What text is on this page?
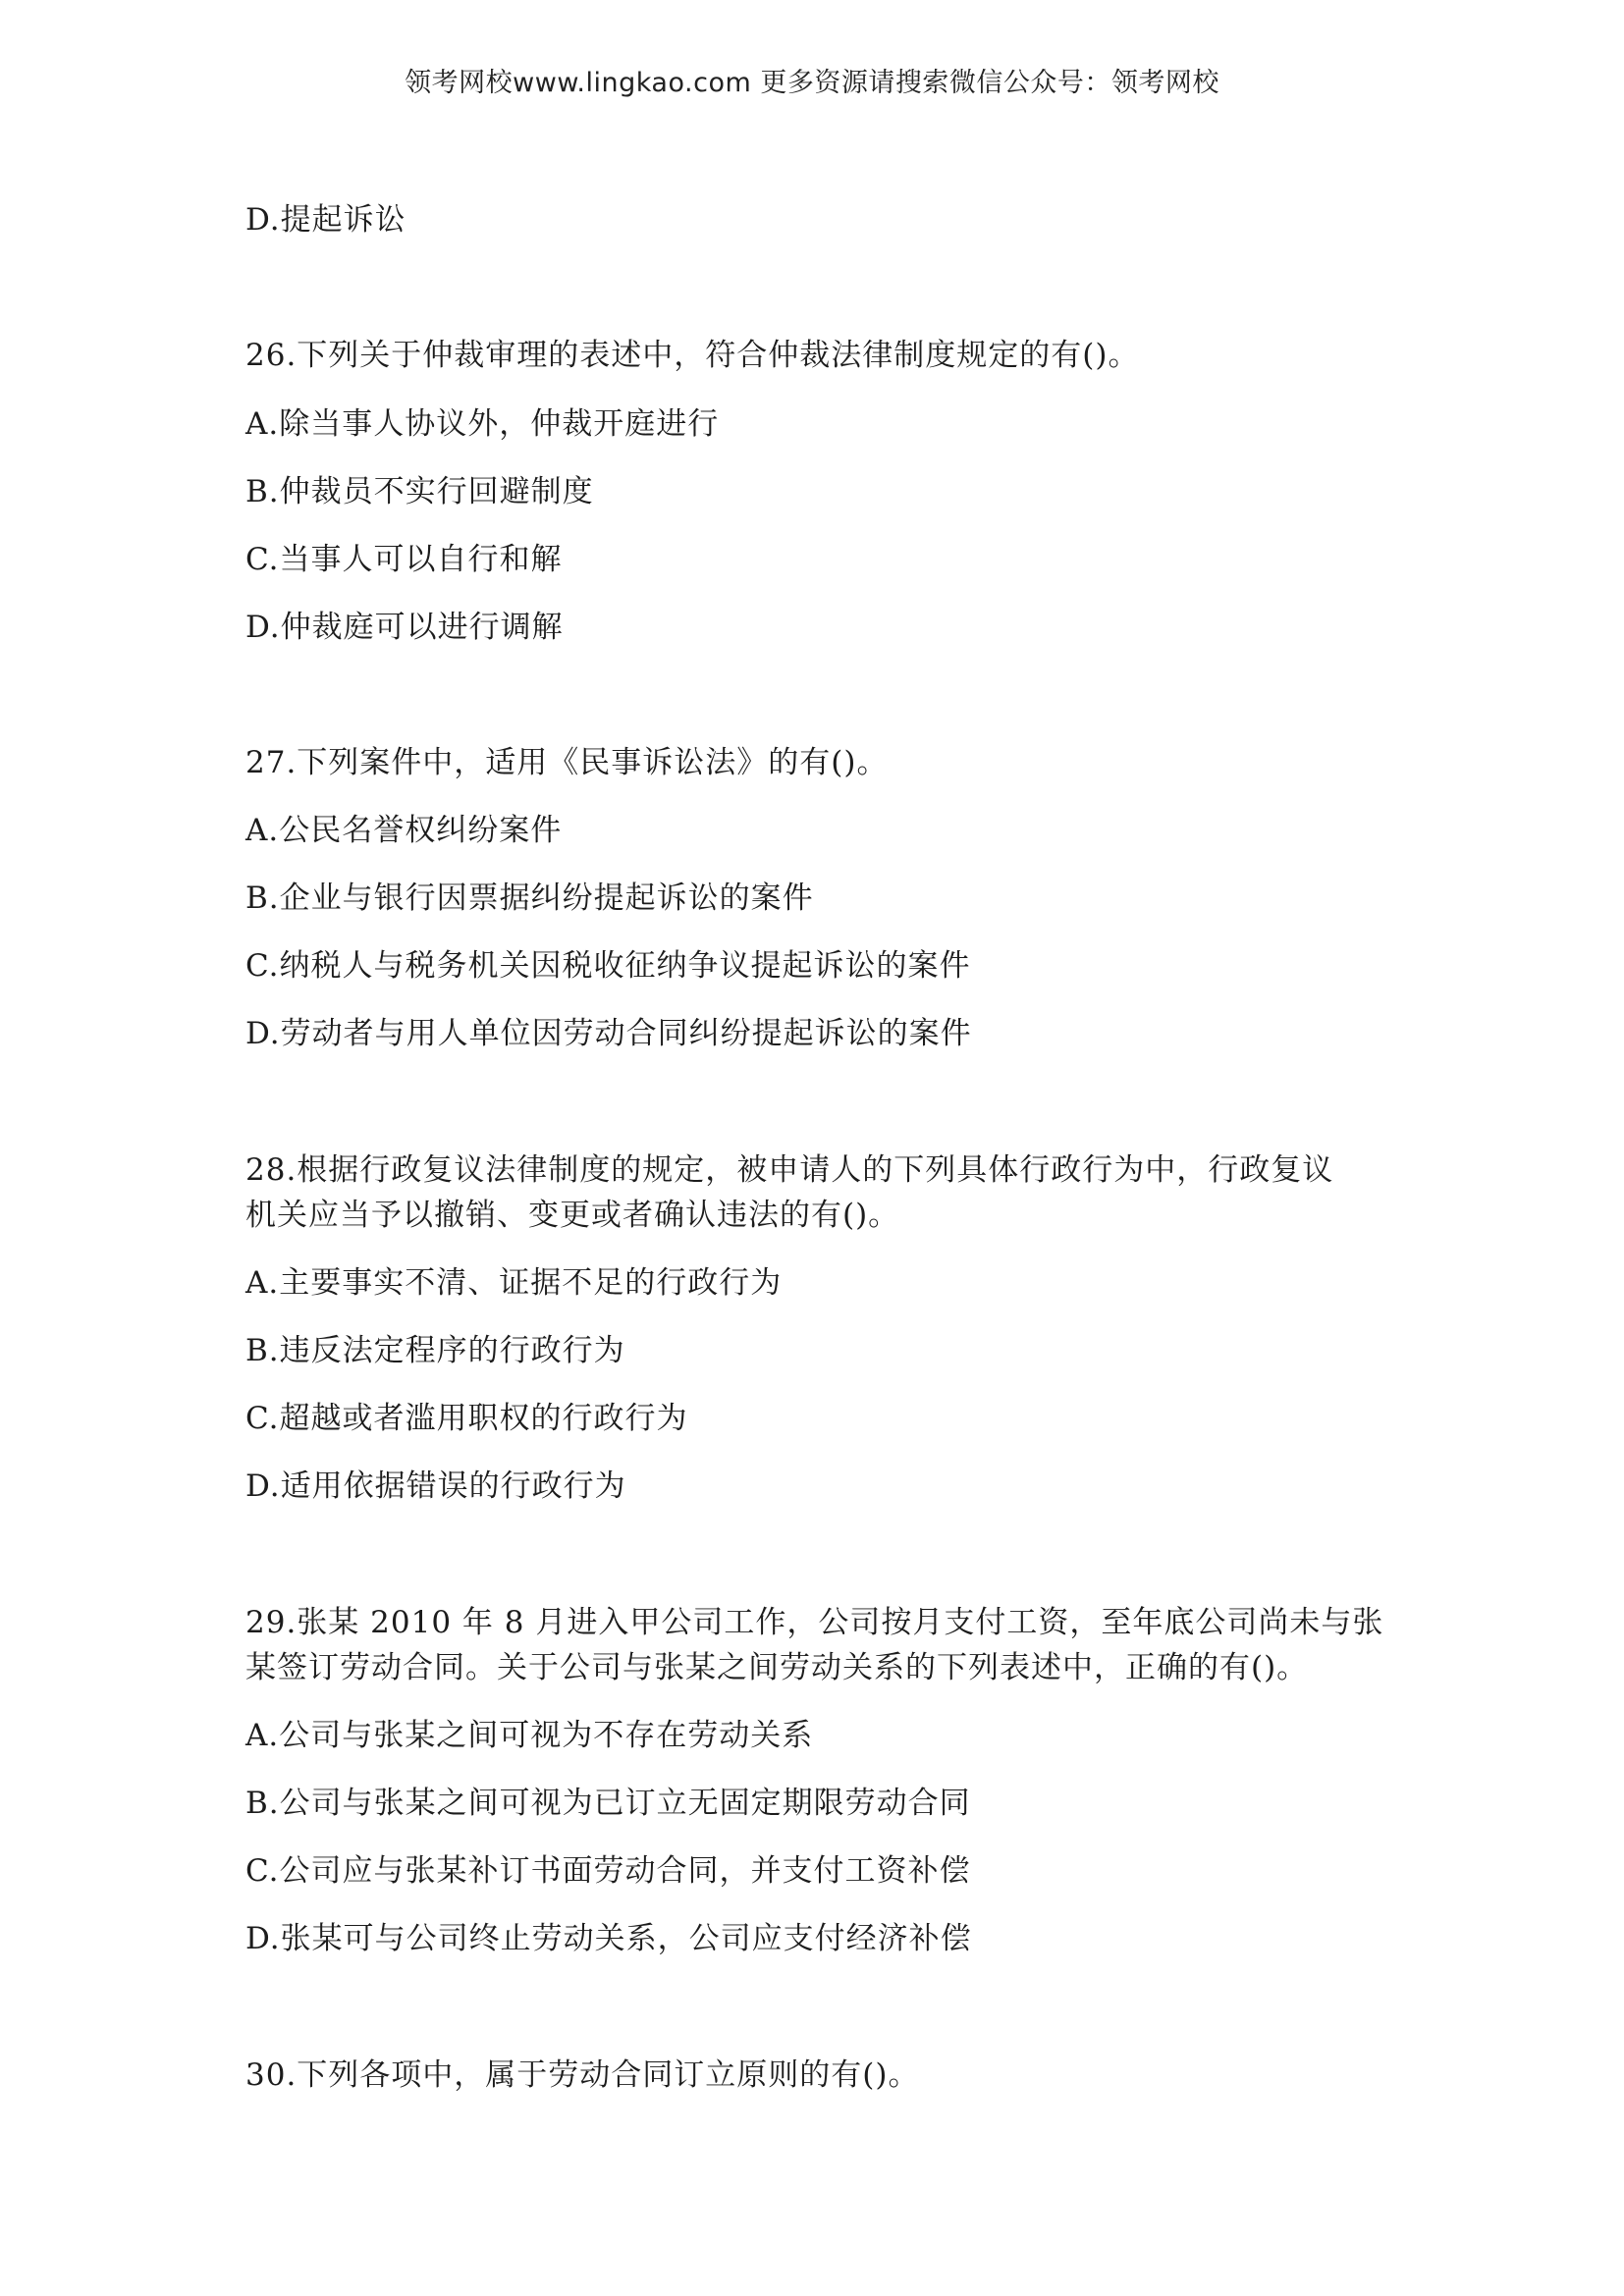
领考网校www.lingkao.com 更多资源请搜索微信公众号：领考网校
D.提起诉讼
26.下列关于仲裁审理的表述中，符合仲裁法律制度规定的有()。
A.除当事人协议外，仲裁开庭进行
B.仲裁员不实行回避制度
C.当事人可以自行和解
D.仲裁庭可以进行调解
27.下列案件中，适用《民事诉讼法》的有()。
A.公民名誉权纠纷案件
B.企业与银行因票据纠纷提起诉讼的案件
C.纳税人与税务机关因税收征纳争议提起诉讼的案件
D.劳动者与用人单位因劳动合同纠纷提起诉讼的案件
28.根据行政复议法律制度的规定，被申请人的下列具体行政行为中，行政复议
机关应当予以撤销、变更或者确认违法的有()。
A.主要事实不清、证据不足的行政行为
B.违反法定程序的行政行为
C.超越或者滥用职权的行政行为
D.适用依据错误的行政行为
29.张某 2010 年 8 月进入甲公司工作，公司按月支付工资，至年底公司尚未与张
某签订劳动合同。关于公司与张某之间劳动关系的下列表述中，正确的有()。
A.公司与张某之间可视为不存在劳动关系
B.公司与张某之间可视为已订立无固定期限劳动合同
C.公司应与张某补订书面劳动合同，并支付工资补偿
D.张某可与公司终止劳动关系，公司应支付经济补偿
30.下列各项中，属于劳动合同订立原则的有()。
